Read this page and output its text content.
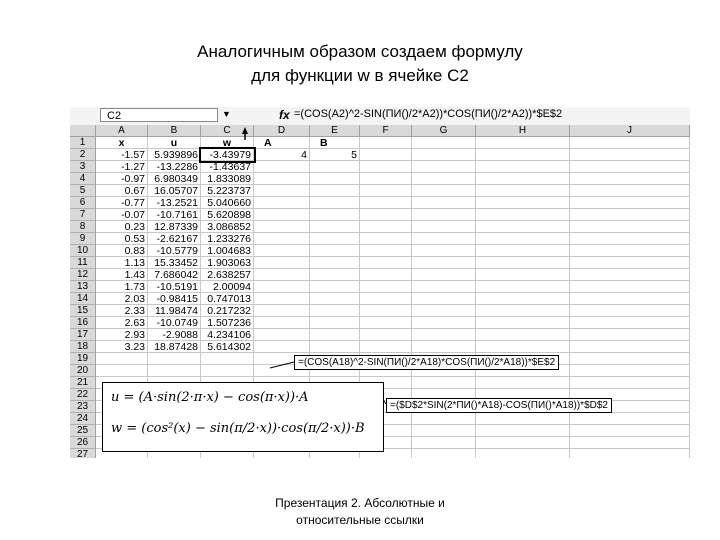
Аналогичным образом создаем формулу
для функции w в ячейке С2
C2	▼	fx =(COS(A2)^2-SIN(ПИ()/2*A2))*COS(ПИ()/2*A2))*$E$2
A	B	C	D	E	F	G	H	J
1	x	u	w	A	B
2	-1.57 5.939896	-3.43979	4	5
3	-1.27	-13.2286	-1.43637
4	-0.97 6.980349 1.833089
5	0.67 16.05707 5.223737
6	-0.77	-13.2521 5.040660
7	-0.07	-10.7161 5.620898
8	0.23 12.87339 3.086852
9	0.53	-2.62167 1.233276
10	0.83	-10.5779 1.004683
11	1.13 15.33452 1.903063
12	1.43 7.686042 2.638257
13	1.73	-10.5191	2.00094
14	2.03	-0.98415 0.747013
15	2.33 11.98474 0.217232
16	2.63	-10.0749 1.507236
17	2.93	-2.9088 4.234106
18	3.23 18.87428 5.614302
19
20
21
22
23
24
25
26
27
=(COS(A18)^2-SIN(ПИ()/2*A18)*COS(ПИ()/2*A18))*$E$2
=($D$2*SIN(2*ПИ()*A18)-COS(ПИ()*A18))*$D$2
u = (A·sin(2·π·x) − cos(π·x))·A
w = (cos²(x) − sin(π/2·x))·cos(π/2·x))·B
Презентация 2. Абсолютные и
относительные ссылки
